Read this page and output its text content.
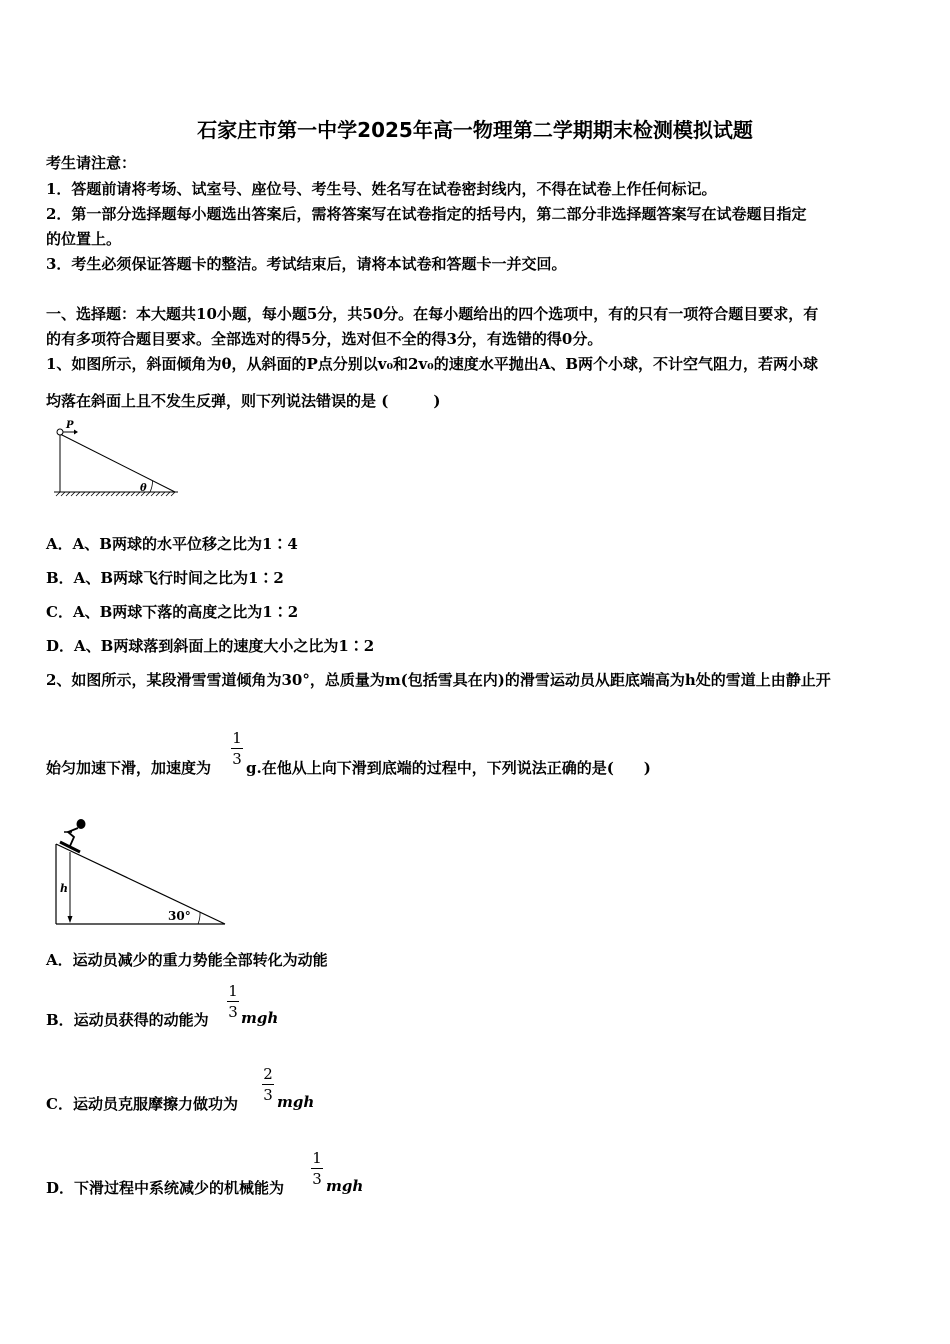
石家庄市第一中学2025年高一物理第二学期期末检测模拟试题
考生请注意：
1．答题前请将考场、试室号、座位号、考生号、姓名写在试卷密封线内，不得在试卷上作任何标记。
2．第一部分选择题每小题选出答案后，需将答案写在试卷指定的括号内，第二部分非选择题答案写在试卷题目指定
的位置上。
3．考生必须保证答题卡的整洁。考试结束后，请将本试卷和答题卡一并交回。
一、选择题：本大题共10小题，每小题5分，共50分。在每小题给出的四个选项中，有的只有一项符合题目要求，有
的有多项符合题目要求。全部选对的得5分，选对但不全的得3分，有选错的得0分。
1、如图所示，斜面倾角为θ，从斜面的P点分别以v₀和2v₀的速度水平抛出A、B两个小球，不计空气阻力，若两小球
均落在斜面上且不发生反弹，则下列说法错误的是 (　　　)
P
θ
A．A、B两球的水平位移之比为1∶4
B．A、B两球飞行时间之比为1∶2
C．A、B两球下落的高度之比为1∶2
D．A、B两球落到斜面上的速度大小之比为1∶2
2、如图所示，某段滑雪雪道倾角为30°，总质量为m(包括雪具在内)的滑雪运动员从距底端高为h处的雪道上由静止开
始匀加速下滑，加速度为
1
3 g.在他从上向下滑到底端的过程中，下列说法正确的是(　　)
h
30°
A．运动员减少的重力势能全部转化为动能
B．运动员获得的动能为
1
3 mgh
C．运动员克服摩擦力做功为
2
3 mgh
D．下滑过程中系统减少的机械能为
1
3 mgh
